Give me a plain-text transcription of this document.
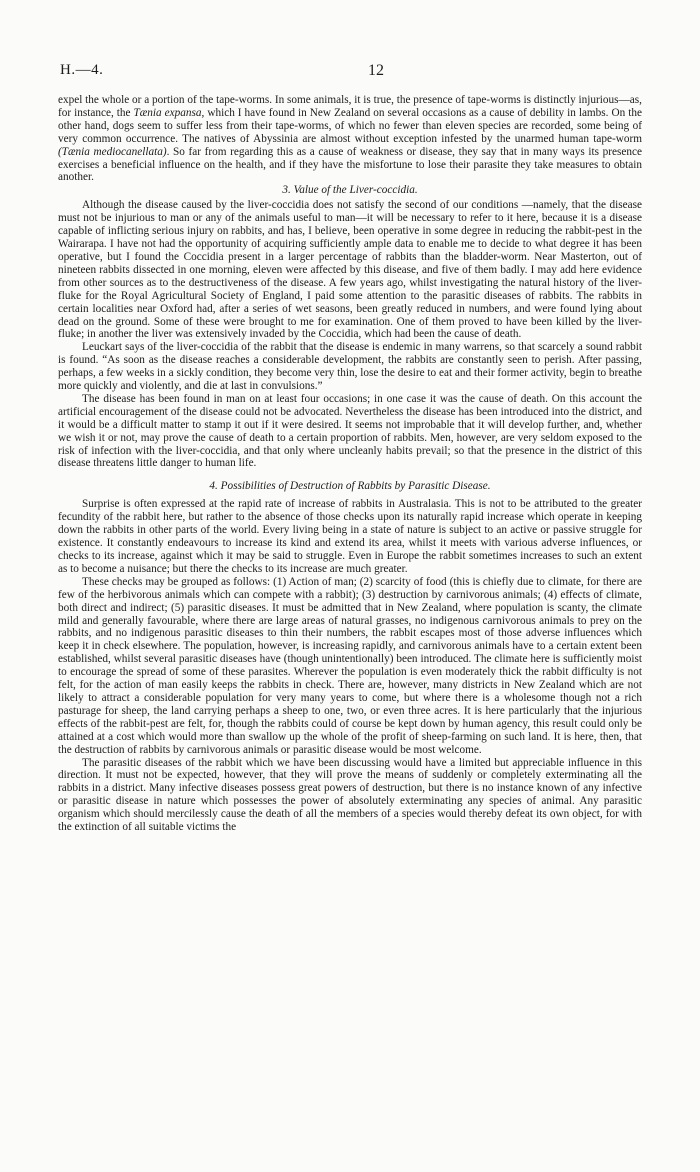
H.—4.	12

expel the whole or a portion of the tape-worms. In some animals, it is true, the presence of tape-worms is distinctly injurious—as, for instance, the Tænia expansa, which I have found in New Zealand on several occasions as a cause of debility in lambs. On the other hand, dogs seem to suffer less from their tape-worms, of which no fewer than eleven species are recorded, some being of very common occurrence. The natives of Abyssinia are almost without exception infested by the unarmed human tape-worm (Tænia mediocanellata). So far from regarding this as a cause of weakness or disease, they say that in many ways its presence exercises a beneficial influence on the health, and if they have the misfortune to lose their parasite they take measures to obtain another.

3. Value of the Liver-coccidia.

Although the disease caused by the liver-coccidia does not satisfy the second of our conditions —namely, that the disease must not be injurious to man or any of the animals useful to man—it will be necessary to refer to it here, because it is a disease capable of inflicting serious injury on rabbits, and has, I believe, been operative in some degree in reducing the rabbit-pest in the Wairarapa. I have not had the opportunity of acquiring sufficiently ample data to enable me to decide to what degree it has been operative, but I found the Coccidia present in a larger percentage of rabbits than the bladder-worm. Near Masterton, out of nineteen rabbits dissected in one morning, eleven were affected by this disease, and five of them badly. I may add here evidence from other sources as to the destructiveness of the disease. A few years ago, whilst investigating the natural history of the liver-fluke for the Royal Agricultural Society of England, I paid some attention to the parasitic diseases of rabbits. The rabbits in certain localities near Oxford had, after a series of wet seasons, been greatly reduced in numbers, and were found lying about dead on the ground. Some of these were brought to me for examination. One of them proved to have been killed by the liver-fluke; in another the liver was extensively invaded by the Coccidia, which had been the cause of death.

Leuckart says of the liver-coccidia of the rabbit that the disease is endemic in many warrens, so that scarcely a sound rabbit is found. “As soon as the disease reaches a considerable development, the rabbits are constantly seen to perish. After passing, perhaps, a few weeks in a sickly condition, they become very thin, lose the desire to eat and their former activity, begin to breathe more quickly and violently, and die at last in convulsions.”

The disease has been found in man on at least four occasions; in one case it was the cause of death. On this account the artificial encouragement of the disease could not be advocated. Nevertheless the disease has been introduced into the district, and it would be a difficult matter to stamp it out if it were desired. It seems not improbable that it will develop further, and, whether we wish it or not, may prove the cause of death to a certain proportion of rabbits. Men, however, are very seldom exposed to the risk of infection with the liver-coccidia, and that only where uncleanly habits prevail; so that the presence in the district of this disease threatens little danger to human life.

4. Possibilities of Destruction of Rabbits by Parasitic Disease.

Surprise is often expressed at the rapid rate of increase of rabbits in Australasia. This is not to be attributed to the greater fecundity of the rabbit here, but rather to the absence of those checks upon its naturally rapid increase which operate in keeping down the rabbits in other parts of the world. Every living being in a state of nature is subject to an active or passive struggle for existence. It constantly endeavours to increase its kind and extend its area, whilst it meets with various adverse influences, or checks to its increase, against which it may be said to struggle. Even in Europe the rabbit sometimes increases to such an extent as to become a nuisance; but there the checks to its increase are much greater.

These checks may be grouped as follows: (1) Action of man; (2) scarcity of food (this is chiefly due to climate, for there are few of the herbivorous animals which can compete with a rabbit); (3) destruction by carnivorous animals; (4) effects of climate, both direct and indirect; (5) parasitic diseases. It must be admitted that in New Zealand, where population is scanty, the climate mild and generally favourable, where there are large areas of natural grasses, no indigenous carnivorous animals to prey on the rabbits, and no indigenous parasitic diseases to thin their numbers, the rabbit escapes most of those adverse influences which keep it in check elsewhere. The population, however, is increasing rapidly, and carnivorous animals have to a certain extent been established, whilst several parasitic diseases have (though unintentionally) been introduced. The climate here is sufficiently moist to encourage the spread of some of these parasites. Wherever the population is even moderately thick the rabbit difficulty is not felt, for the action of man easily keeps the rabbits in check. There are, however, many districts in New Zealand which are not likely to attract a considerable population for very many years to come, but where there is a wholesome though not a rich pasturage for sheep, the land carrying perhaps a sheep to one, two, or even three acres. It is here particularly that the injurious effects of the rabbit-pest are felt, for, though the rabbits could of course be kept down by human agency, this result could only be attained at a cost which would more than swallow up the whole of the profit of sheep-farming on such land. It is here, then, that the destruction of rabbits by carnivorous animals or parasitic disease would be most welcome.

The parasitic diseases of the rabbit which we have been discussing would have a limited but appreciable influence in this direction. It must not be expected, however, that they will prove the means of suddenly or completely exterminating all the rabbits in a district. Many infective diseases possess great powers of destruction, but there is no instance known of any infective or parasitic disease in nature which possesses the power of absolutely exterminating any species of animal. Any parasitic organism which should mercilessly cause the death of all the members of a species would thereby defeat its own object, for with the extinction of all suitable victims the
